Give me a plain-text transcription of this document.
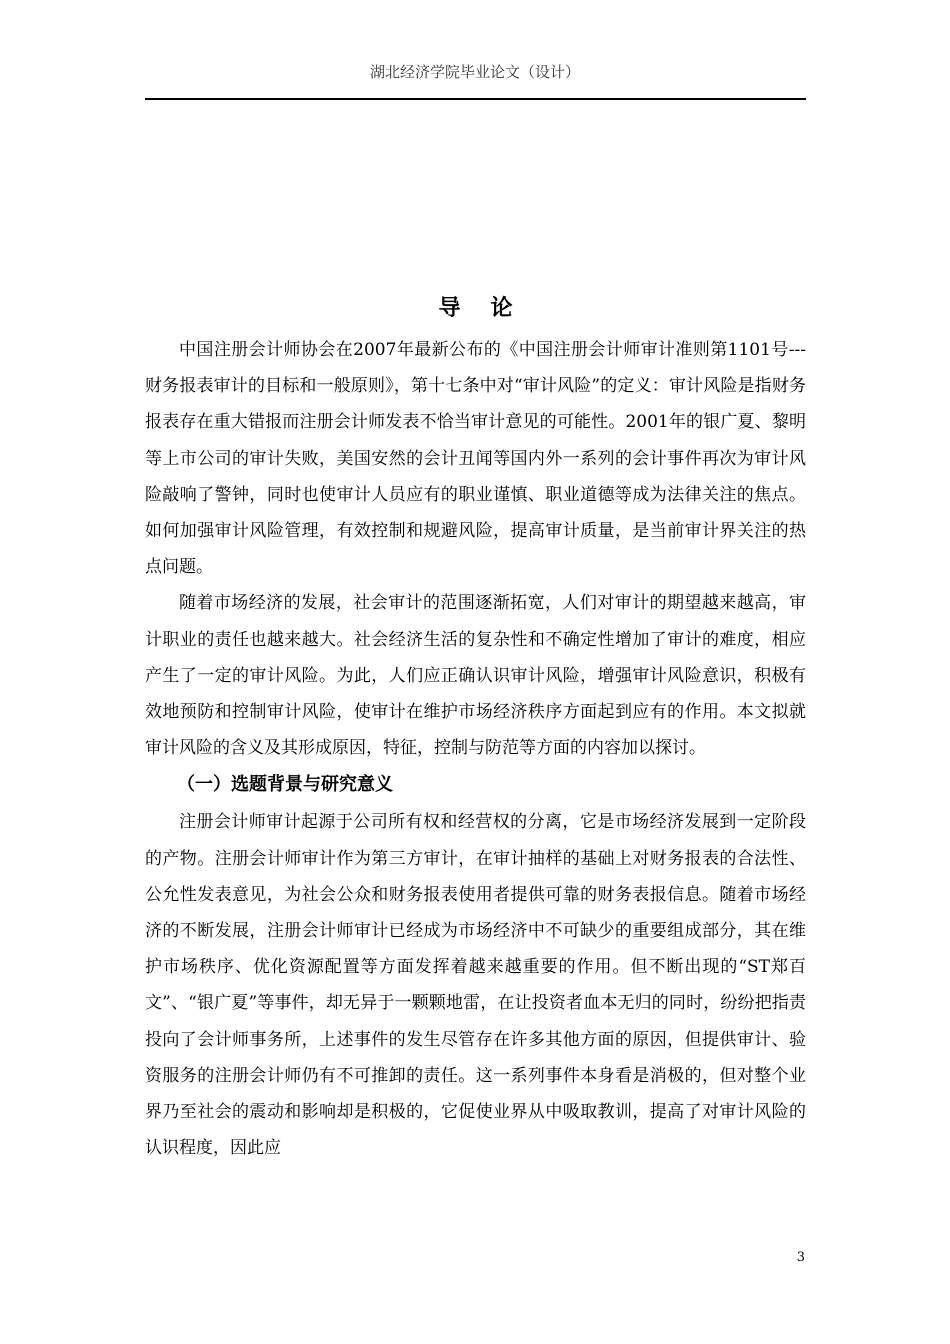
湖北经济学院毕业论文（设计）
导论

中国注册会计师协会在2007年最新公布的《中国注册会计师审计准则第1101号---财务报表审计的目标和一般原则》，第十七条中对“审计风险”的定义：审计风险是指财务报表存在重大错报而注册会计师发表不恰当审计意见的可能性。2001年的银广夏、黎明等上市公司的审计失败，美国安然的会计丑闻等国内外一系列的会计事件再次为审计风险敲响了警钟，同时也使审计人员应有的职业谨慎、职业道德等成为法律关注的焦点。如何加强审计风险管理，有效控制和规避风险，提高审计质量，是当前审计界关注的热点问题。

随着市场经济的发展，社会审计的范围逐渐拓宽，人们对审计的期望越来越高，审计职业的责任也越来越大。社会经济生活的复杂性和不确定性增加了审计的难度，相应产生了一定的审计风险。为此，人们应正确认识审计风险，增强审计风险意识，积极有效地预防和控制审计风险，使审计在维护市场经济秩序方面起到应有的作用。本文拟就审计风险的含义及其形成原因，特征，控制与防范等方面的内容加以探讨。

（一）选题背景与研究意义

注册会计师审计起源于公司所有权和经营权的分离，它是市场经济发展到一定阶段的产物。注册会计师审计作为第三方审计，在审计抽样的基础上对财务报表的合法性、公允性发表意见，为社会公众和财务报表使用者提供可靠的财务表报信息。随着市场经济的不断发展，注册会计师审计已经成为市场经济中不可缺少的重要组成部分，其在维护市场秩序、优化资源配置等方面发挥着越来越重要的作用。但不断出现的“ST郑百文”、“银广夏”等事件，却无异于一颗颗地雷，在让投资者血本无归的同时，纷纷把指责投向了会计师事务所，上述事件的发生尽管存在许多其他方面的原因，但提供审计、验资服务的注册会计师仍有不可推卸的责任。这一系列事件本身看是消极的，但对整个业界乃至社会的震动和影响却是积极的，它促使业界从中吸取教训，提高了对审计风险的认识程度，因此应

3
